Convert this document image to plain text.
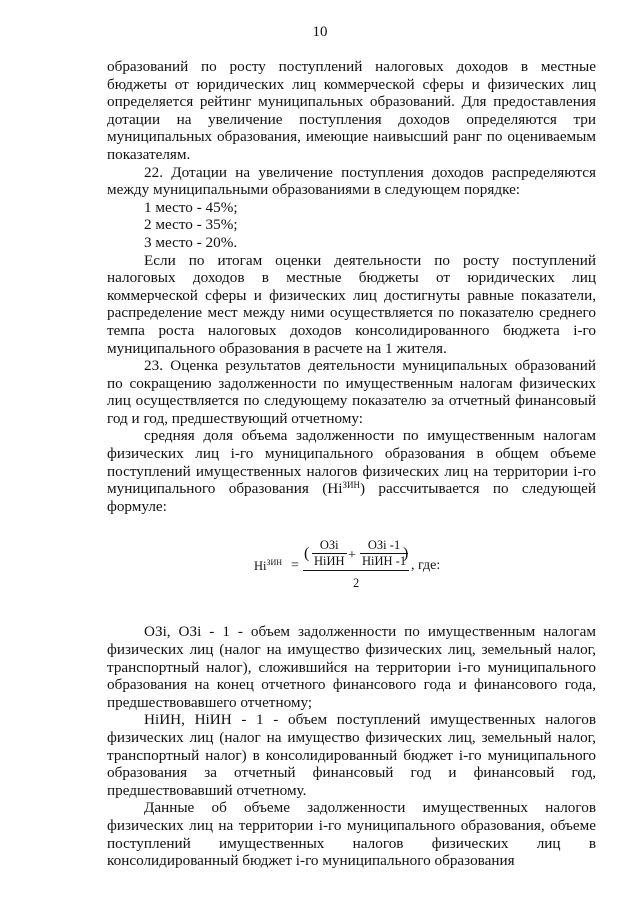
10

образований по росту поступлений налоговых доходов в местные бюджеты от юридических лиц коммерческой сферы и физических лиц определяется рейтинг муниципальных образований. Для предоставления дотации на увеличение поступления доходов определяются три муниципальных образования, имеющие наивысший ранг по оцениваемым показателям.

22. Дотации на увеличение поступления доходов распределяются между муниципальными образованиями в следующем порядке:

1 место - 45%;

2 место - 35%;

3 место - 20%.

Если по итогам оценки деятельности по росту поступлений налоговых доходов в местные бюджеты от юридических лиц коммерческой сферы и физических лиц достигнуты равные показатели, распределение мест между ними осуществляется по показателю среднего темпа роста налоговых доходов консолидированного бюджета i-го муниципального образования в расчете на 1 жителя.

23. Оценка результатов деятельности муниципальных образований по сокращению задолженности по имущественным налогам физических лиц осуществляется по следующему показателю за отчетный финансовый год и год, предшествующий отчетному:

средняя доля объема задолженности по имущественным налогам физических лиц i-го муниципального образования в общем объеме поступлений имущественных налогов физических лиц на территории i-го муниципального образования $(Hi^{ЗИН})$ рассчитывается по следующей формуле:

$Hi^{ЗИН}$ =
( ОЗi
НiИН +
ОЗi -1
НiИН -1
)
2
, где:

ОЗi, ОЗi - 1 - объем задолженности по имущественным налогам физических лиц (налог на имущество физических лиц, земельный налог, транспортный налог), сложившийся на территории i-го муниципального образования на конец отчетного финансового года и финансового года, предшествовавшего отчетному;

НiИН, НiИН - 1 - объем поступлений имущественных налогов физических лиц (налог на имущество физических лиц, земельный налог, транспортный налог) в консолидированный бюджет i-го муниципального образования за отчетный финансовый год и финансовый год, предшествовавший отчетному.

Данные об объеме задолженности имущественных налогов физических лиц на территории i-го муниципального образования, объеме поступлений имущественных налогов физических лиц в консолидированный бюджет i-го муниципального образования
